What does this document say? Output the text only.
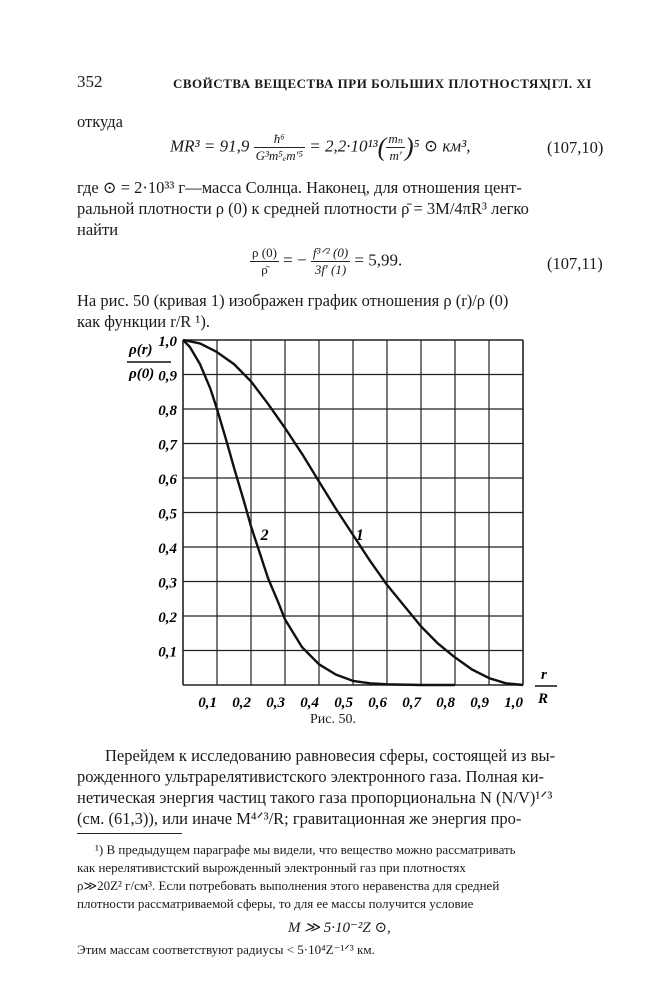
352	СВОЙСТВА ВЕЩЕСТВА ПРИ БОЛЬШИХ ПЛОТНОСТЯХ
[ГЛ. XI
откуда
$MR^3 = 91,9 \frac{\text{ħ⁶}}{\text{G³m⁵ₑm′⁵}} = 2,2\cdot 10^{13}( \frac{\text{mₙ}}{m'} )^5$ ⊙ км³,	(107,10)
где ⊙ = 2·10³³ г—масса Солнца. Наконец, для отношения цент-
ральной плотности ρ (0) к средней плотности ρ̄ = 3M/4πR³ легко
найти
$\frac{\rho (0)}{\rhō}$ = − $\frac{\text{f³ᐟ² (0)}}{3f' (1)} = 5,99$.	(107,11)
На рис. 50 (кривая 1) изображен график отношения ρ (r)/ρ (0)
как функции r/R ¹).
0,1
0,2
0,3
0,4
0,5
0,6
0,7
0,8
0,9
1,0
0,1 0,2 0,3 0,4 0,5 0,6 0,7 0,8 0,9 1,0
ρ(r)
ρ(0)
r
R
1
2
Рис. 50.
Перейдем к исследованию равновесия сферы, состоящей из вы-
рожденного ультрарелятивистского электронного газа. Полная ки-
нетическая энергия частиц такого газа пропорциональна N (N/V)¹ᐟ³
(см. (61,3)), или иначе M⁴ᐟ³/R; гравитационная же энергия про-
¹) В предыдущем параграфе мы видели, что вещество можно рассматривать
как нерелятивистский вырожденный электронный газ при плотностях
ρ≫20Z² г/см³. Если потребовать выполнения этого неравенства для средней
плотности рассматриваемой сферы, то для ее массы получится условие
M ≫ 5·10⁻²Z ⊙,
Этим массам соответствуют радиусы < 5·10⁴Z⁻¹ᐟ³ км.
